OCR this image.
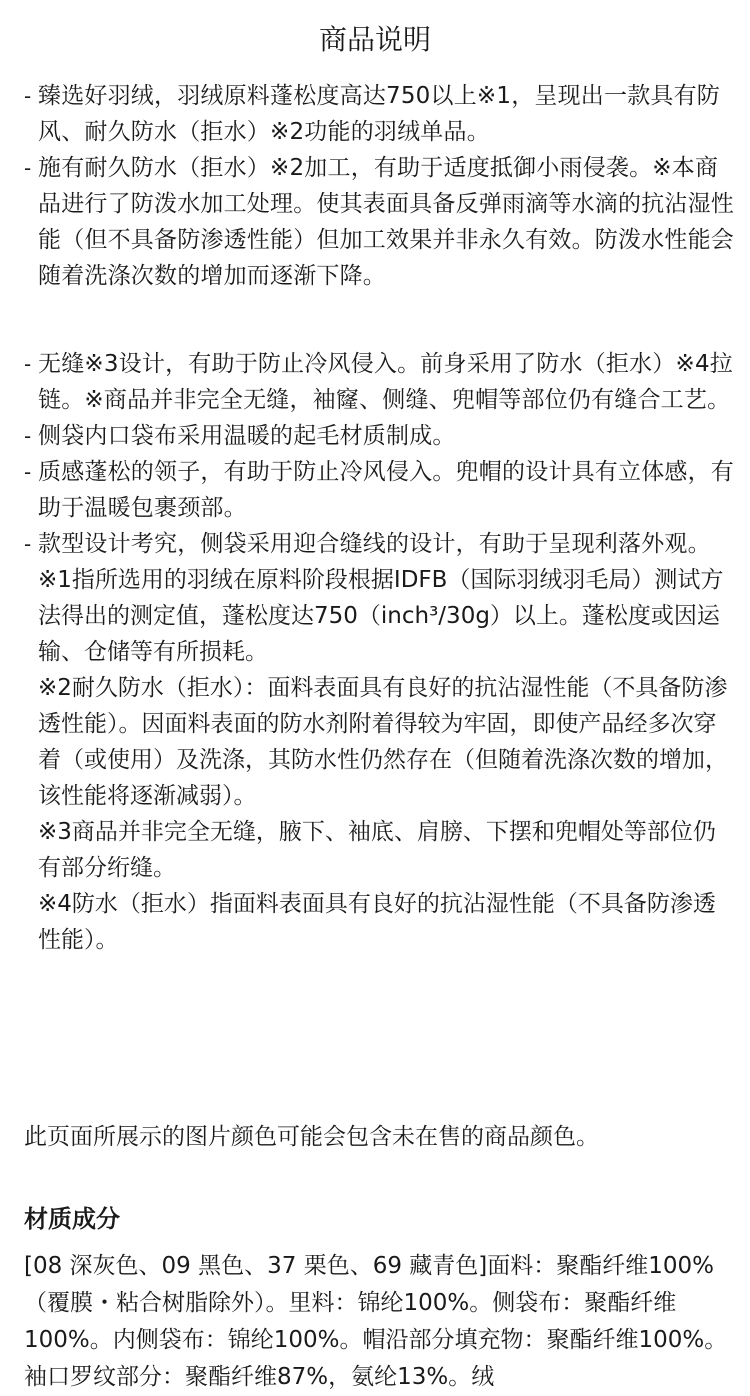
商品说明
- 臻选好羽绒，羽绒原料蓬松度高达750以上※1，呈现出一款具有防风、耐久防水（拒水）※2功能的羽绒单品。
- 施有耐久防水（拒水）※2加工，有助于适度抵御小雨侵袭。※本商品进行了防泼水加工处理。使其表面具备反弹雨滴等水滴的抗沾湿性能（但不具备防渗透性能）但加工效果并非永久有效。防泼水性能会随着洗涤次数的增加而逐渐下降。
- 无缝※3设计，有助于防止冷风侵入。前身采用了防水（拒水）※4拉链。※商品并非完全无缝，袖窿、侧缝、兜帽等部位仍有缝合工艺。
- 侧袋内口袋布采用温暖的起毛材质制成。
- 质感蓬松的领子，有助于防止冷风侵入。兜帽的设计具有立体感，有助于温暖包裹颈部。
- 款型设计考究，侧袋采用迎合缝线的设计，有助于呈现利落外观。
※1指所选用的羽绒在原料阶段根据IDFB（国际羽绒羽毛局）测试方法得出的测定值，蓬松度达750（inch³/30g）以上。蓬松度或因运输、仓储等有所损耗。
※2耐久防水（拒水）：面料表面具有良好的抗沾湿性能（不具备防渗透性能）。因面料表面的防水剂附着得较为牢固，即使产品经多次穿着（或使用）及洗涤，其防水性仍然存在（但随着洗涤次数的增加，该性能将逐渐减弱）。
※3商品并非完全无缝，腋下、袖底、肩膀、下摆和兜帽处等部位仍有部分绗缝。
※4防水（拒水）指面料表面具有良好的抗沾湿性能（不具备防渗透性能）。
此页面所展示的图片颜色可能会包含未在售的商品颜色。
材质成分
[08 深灰色、09 黑色、37 栗色、69 藏青色]面料：聚酯纤维100%（覆膜・粘合树脂除外）。里料：锦纶100%。侧袋布：聚酯纤维100%。内侧袋布：锦纶100%。帽沿部分填充物：聚酯纤维100%。袖口罗纹部分：聚酯纤维87%，氨纶13%。绒
